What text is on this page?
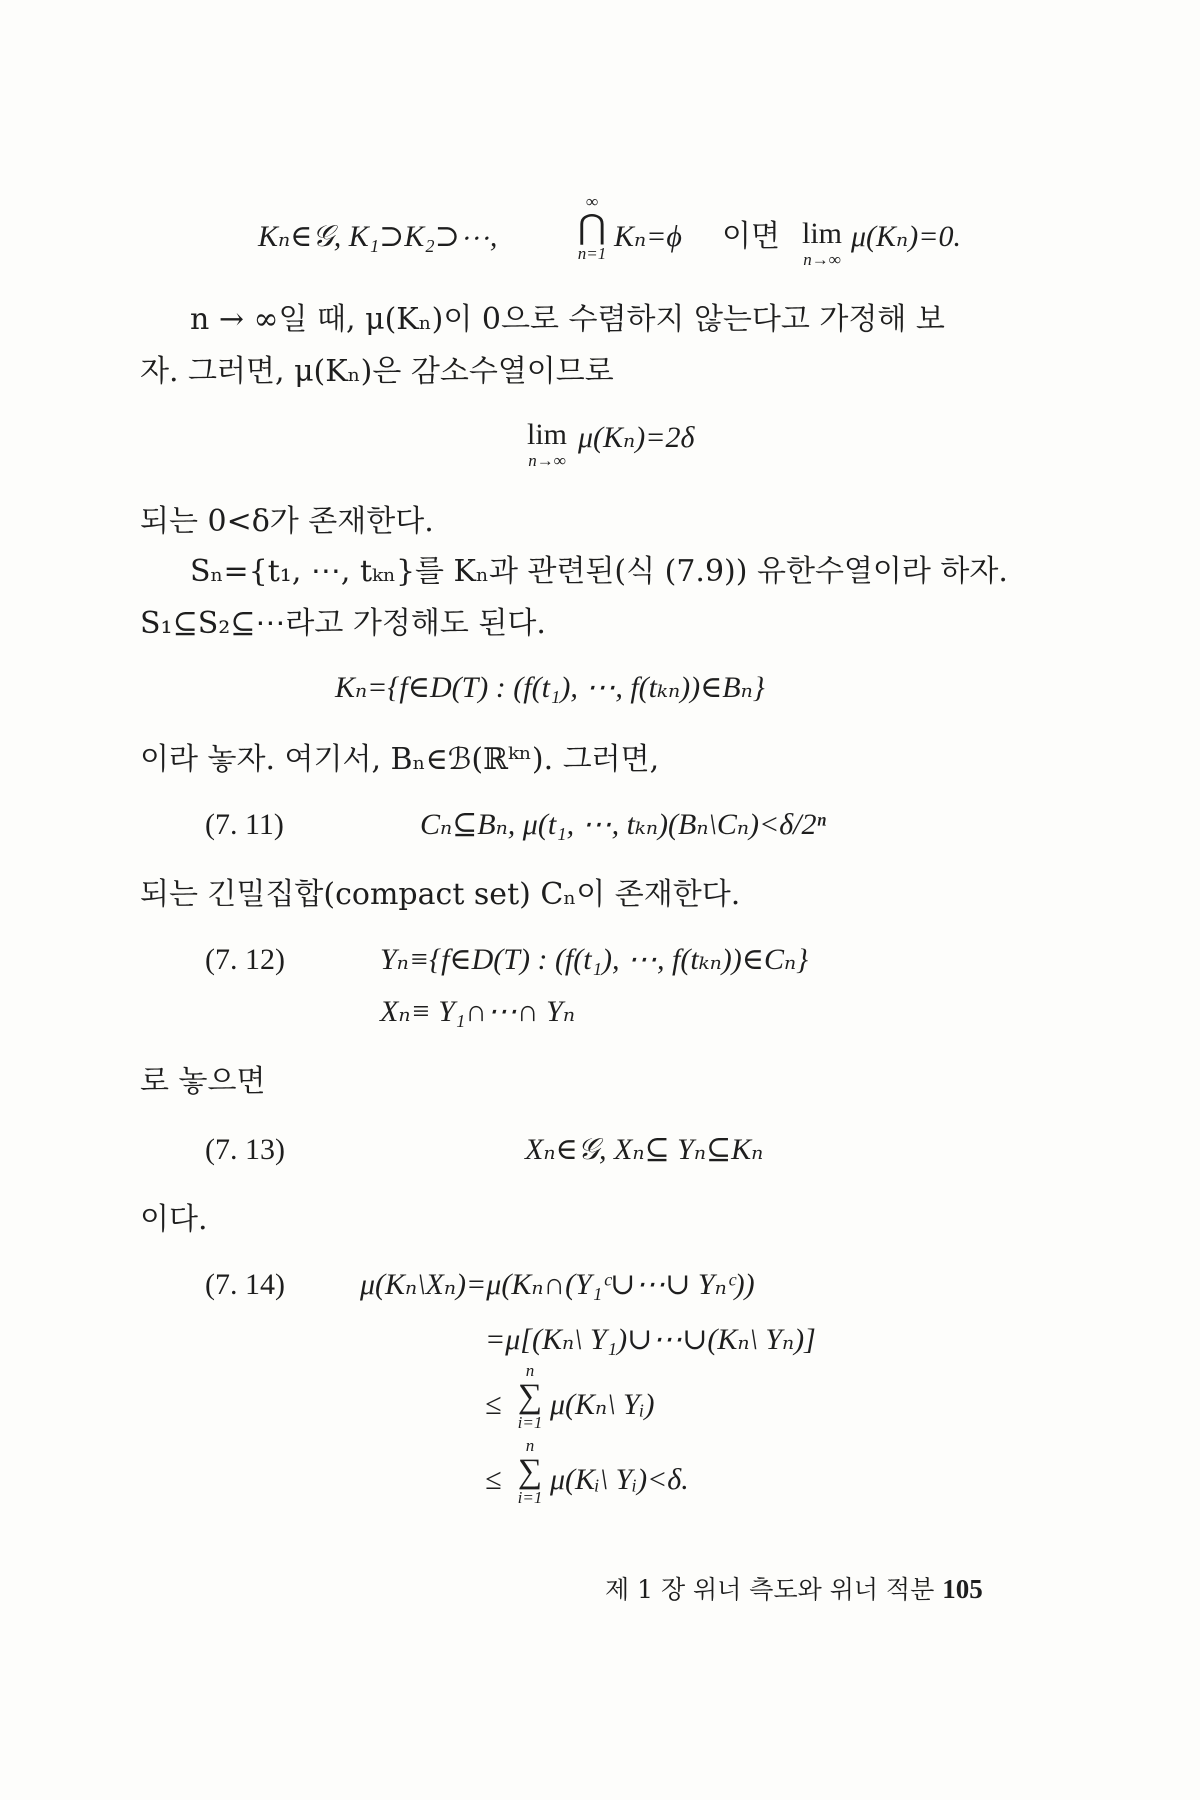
Kₙ∈𝒢, K₁⊃K₂⊃⋯,
∞
⋂
n=1
Kₙ=ϕ 이면 lim
n→∞
μ(Kₙ)=0.
n → ∞일 때, μ(Kₙ)이 0으로 수렴하지 않는다고 가정해 보
자. 그러면, μ(Kₙ)은 감소수열이므로
lim
n→∞
μ(Kₙ)=2δ
되는 0<δ가 존재한다.
Sₙ={t₁, ⋯, tₖₙ}를 Kₙ과 관련된(식 (7.9)) 유한수열이라 하자.
S₁⊆S₂⊆⋯라고 가정해도 된다.
Kₙ={f∈D(T) : (f(t₁), ⋯, f(tₖₙ))∈Bₙ}
이라 놓자. 여기서, Bₙ∈ℬ(ℝᵏⁿ). 그러면,
(7. 11)	Cₙ⊆Bₙ, μ(t₁, ⋯, tₖₙ)(Bₙ\Cₙ)<δ/2ⁿ
되는 긴밀집합(compact set) Cₙ이 존재한다.
(7. 12)	Yₙ≡{f∈D(T) : (f(t₁), ⋯, f(tₖₙ))∈Cₙ}
Xₙ≡ Y₁∩⋯∩ Yₙ
로 놓으면
(7. 13)	Xₙ∈𝒢, Xₙ⊆ Yₙ⊆Kₙ
이다.
(7. 14)	μ(Kₙ\Xₙ)=μ(Kₙ∩(Y₁ᶜ∪⋯∪ Yₙᶜ))
=μ[(Kₙ\ Y₁)∪⋯∪(Kₙ\ Yₙ)]
≤
n
∑
i=1
μ(Kₙ\ Yᵢ)
≤
n
∑
i=1
μ(Kᵢ\ Yᵢ)<δ.
제 1 장 위너 측도와 위너 적분 105
